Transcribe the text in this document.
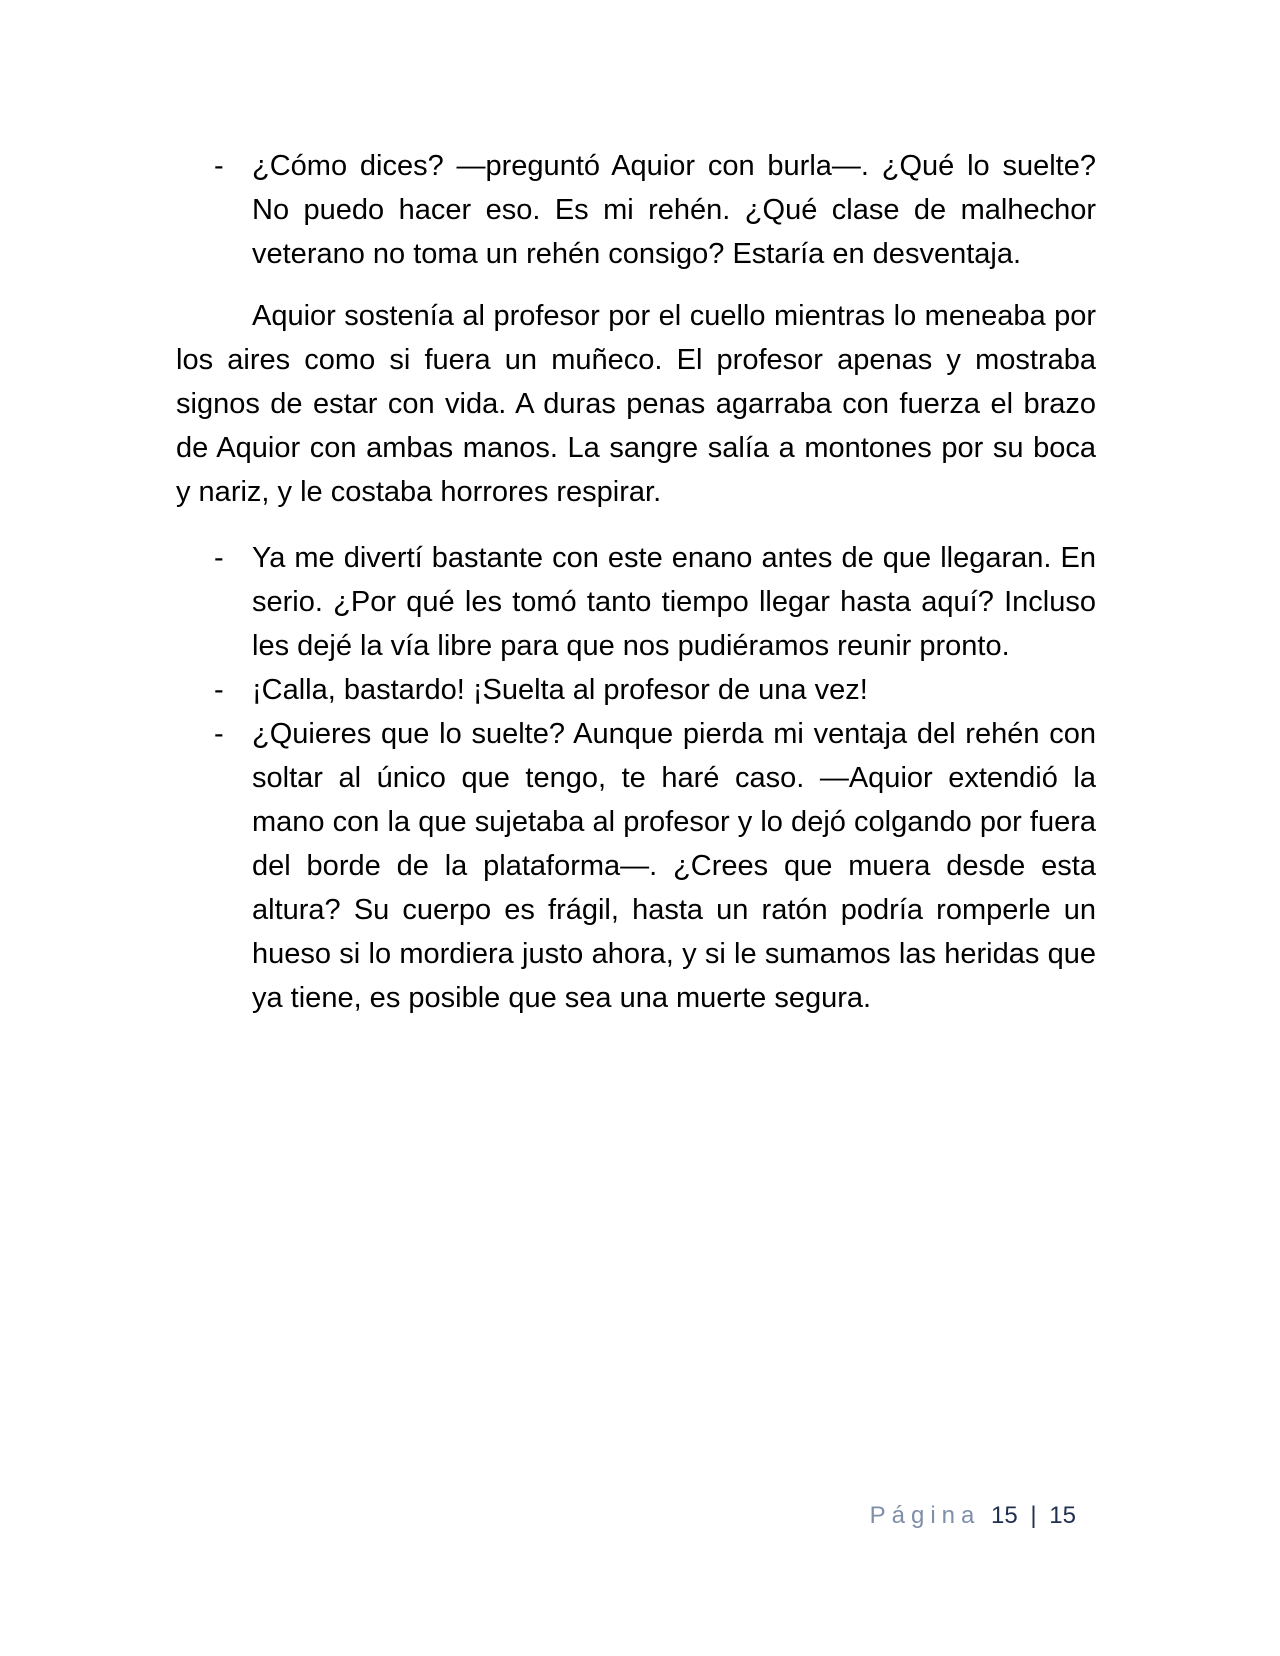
- ¿Cómo dices? —preguntó Aquior con burla—. ¿Qué lo suelte? No puedo hacer eso. Es mi rehén. ¿Qué clase de malhechor veterano no toma un rehén consigo? Estaría en desventaja.

Aquior sostenía al profesor por el cuello mientras lo meneaba por los aires como si fuera un muñeco. El profesor apenas y mostraba signos de estar con vida. A duras penas agarraba con fuerza el brazo de Aquior con ambas manos. La sangre salía a montones por su boca y nariz, y le costaba horrores respirar.

- Ya me divertí bastante con este enano antes de que llegaran. En serio. ¿Por qué les tomó tanto tiempo llegar hasta aquí? Incluso les dejé la vía libre para que nos pudiéramos reunir pronto.

- ¡Calla, bastardo! ¡Suelta al profesor de una vez!

- ¿Quieres que lo suelte? Aunque pierda mi ventaja del rehén con soltar al único que tengo, te haré caso. —Aquior extendió la mano con la que sujetaba al profesor y lo dejó colgando por fuera del borde de la plataforma—. ¿Crees que muera desde esta altura? Su cuerpo es frágil, hasta un ratón podría romperle un hueso si lo mordiera justo ahora, y si le sumamos las heridas que ya tiene, es posible que sea una muerte segura.

Página 15 | 15
